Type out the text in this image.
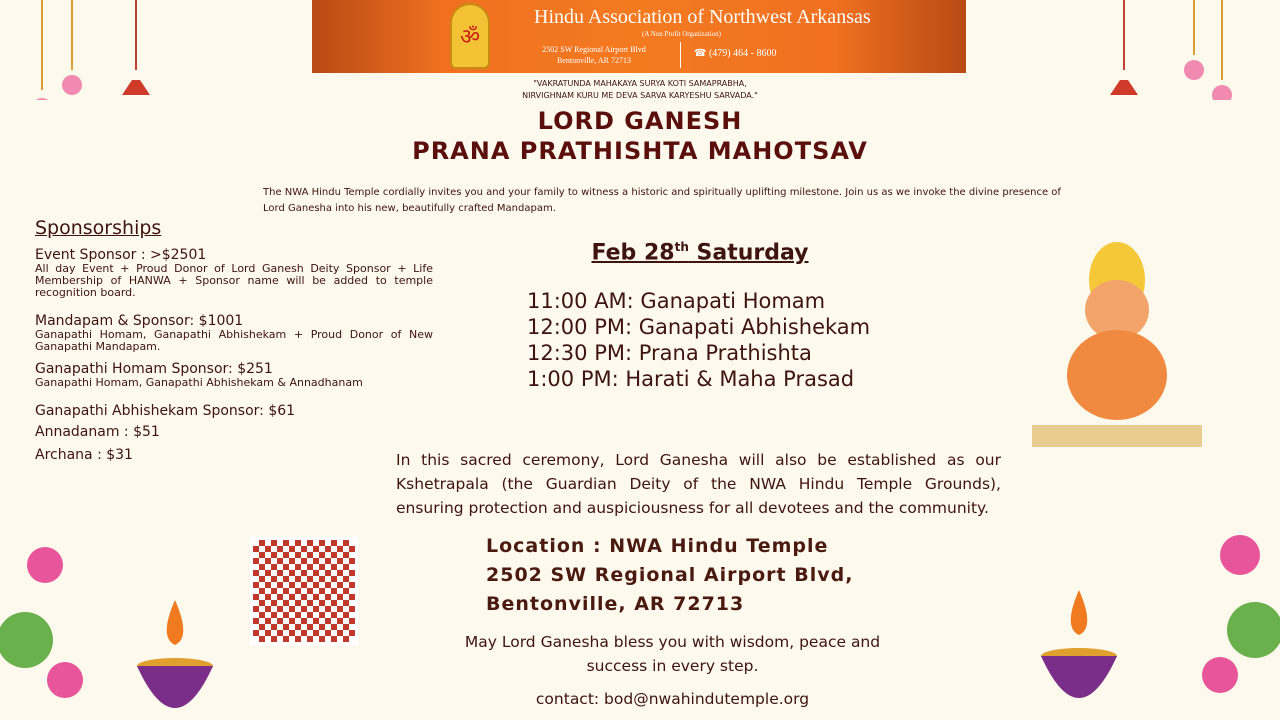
ॐ
Hindu Association of Northwest Arkansas
(A Non Profit Organization)
2502 SW Regional Airport Blvd
Bentonville, AR 72713
☎ (479) 464 - 8600
"VAKRATUNDA MAHAKAYA SURYA KOTI SAMAPRABHA,
NIRVIGHNAM KURU ME DEVA SARVA KARYESHU SARVADA."
LORD GANESH
PRANA PRATHISHTA MAHOTSAV
The NWA Hindu Temple cordially invites you and your family to witness a historic and spiritually uplifting milestone. Join us as we invoke the divine presence of Lord Ganesha into his new, beautifully crafted Mandapam.
Sponsorships
Event Sponsor : >$2501
All day Event + Proud Donor of Lord Ganesh Deity Sponsor + Life Membership of HANWA + Sponsor name will be added to temple recognition board.
Mandapam & Sponsor: $1001
Ganapathi Homam, Ganapathi Abhishekam + Proud Donor of New Ganapathi Mandapam.
Ganapathi Homam Sponsor: $251
Ganapathi Homam, Ganapathi Abhishekam & Annadhanam
Ganapathi Abhishekam Sponsor: $61
Annadanam : $51
Archana : $31
Feb 28th Saturday
11:00 AM: Ganapati Homam
12:00 PM: Ganapati Abhishekam
12:30 PM: Prana Prathishta
1:00 PM: Harati & Maha Prasad
In this sacred ceremony, Lord Ganesha will also be established as our Kshetrapala (the Guardian Deity of the NWA Hindu Temple Grounds), ensuring protection and auspiciousness for all devotees and the community.
Location : NWA Hindu Temple
2502 SW Regional Airport Blvd,
Bentonville, AR 72713
May Lord Ganesha bless you with wisdom, peace and success in every step.
contact: bod@nwahindutemple.org
